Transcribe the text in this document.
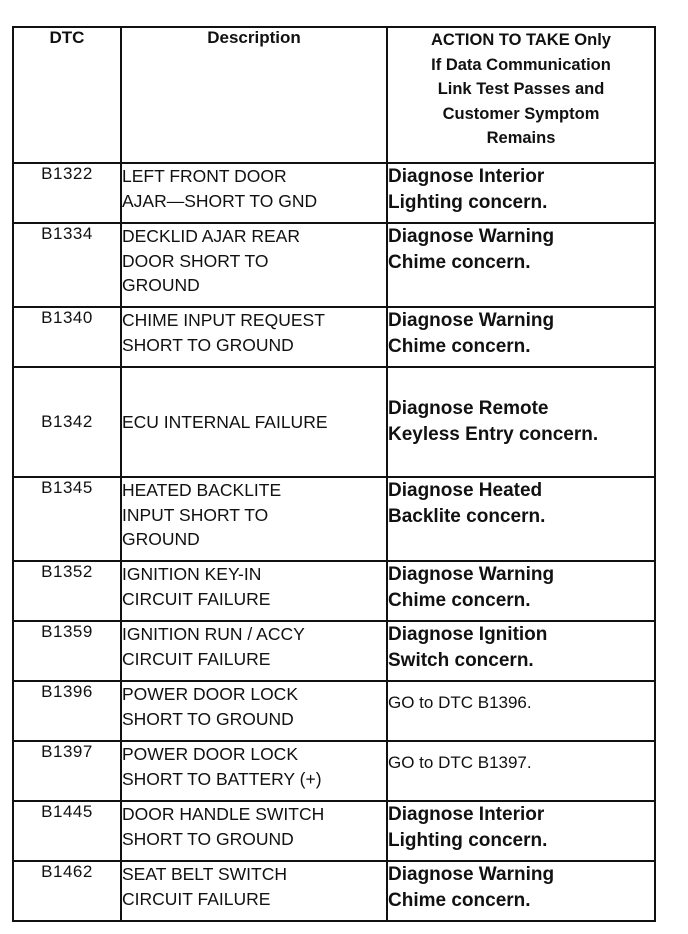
DTC	Description	ACTION TO TAKE Only
If Data Communication
Link Test Passes and
Customer Symptom
Remains

B1322	LEFT FRONT DOOR
AJAR—SHORT TO GND	Diagnose Interior
Lighting concern.
B1334	DECKLID AJAR REAR
DOOR SHORT TO
GROUND	Diagnose Warning
Chime concern.
B1340	CHIME INPUT REQUEST
SHORT TO GROUND	Diagnose Warning
Chime concern.
B1342	ECU INTERNAL FAILURE	Diagnose Remote
Keyless Entry concern.
B1345	HEATED BACKLITE
INPUT SHORT TO
GROUND	Diagnose Heated
Backlite concern.
B1352	IGNITION KEY-IN
CIRCUIT FAILURE	Diagnose Warning
Chime concern.
B1359	IGNITION RUN / ACCY
CIRCUIT FAILURE	Diagnose Ignition
Switch concern.
B1396	POWER DOOR LOCK
SHORT TO GROUND	GO to DTC B1396.
B1397	POWER DOOR LOCK
SHORT TO BATTERY (+)	GO to DTC B1397.
B1445	DOOR HANDLE SWITCH
SHORT TO GROUND	Diagnose Interior
Lighting concern.
B1462	SEAT BELT SWITCH
CIRCUIT FAILURE	Diagnose Warning
Chime concern.
